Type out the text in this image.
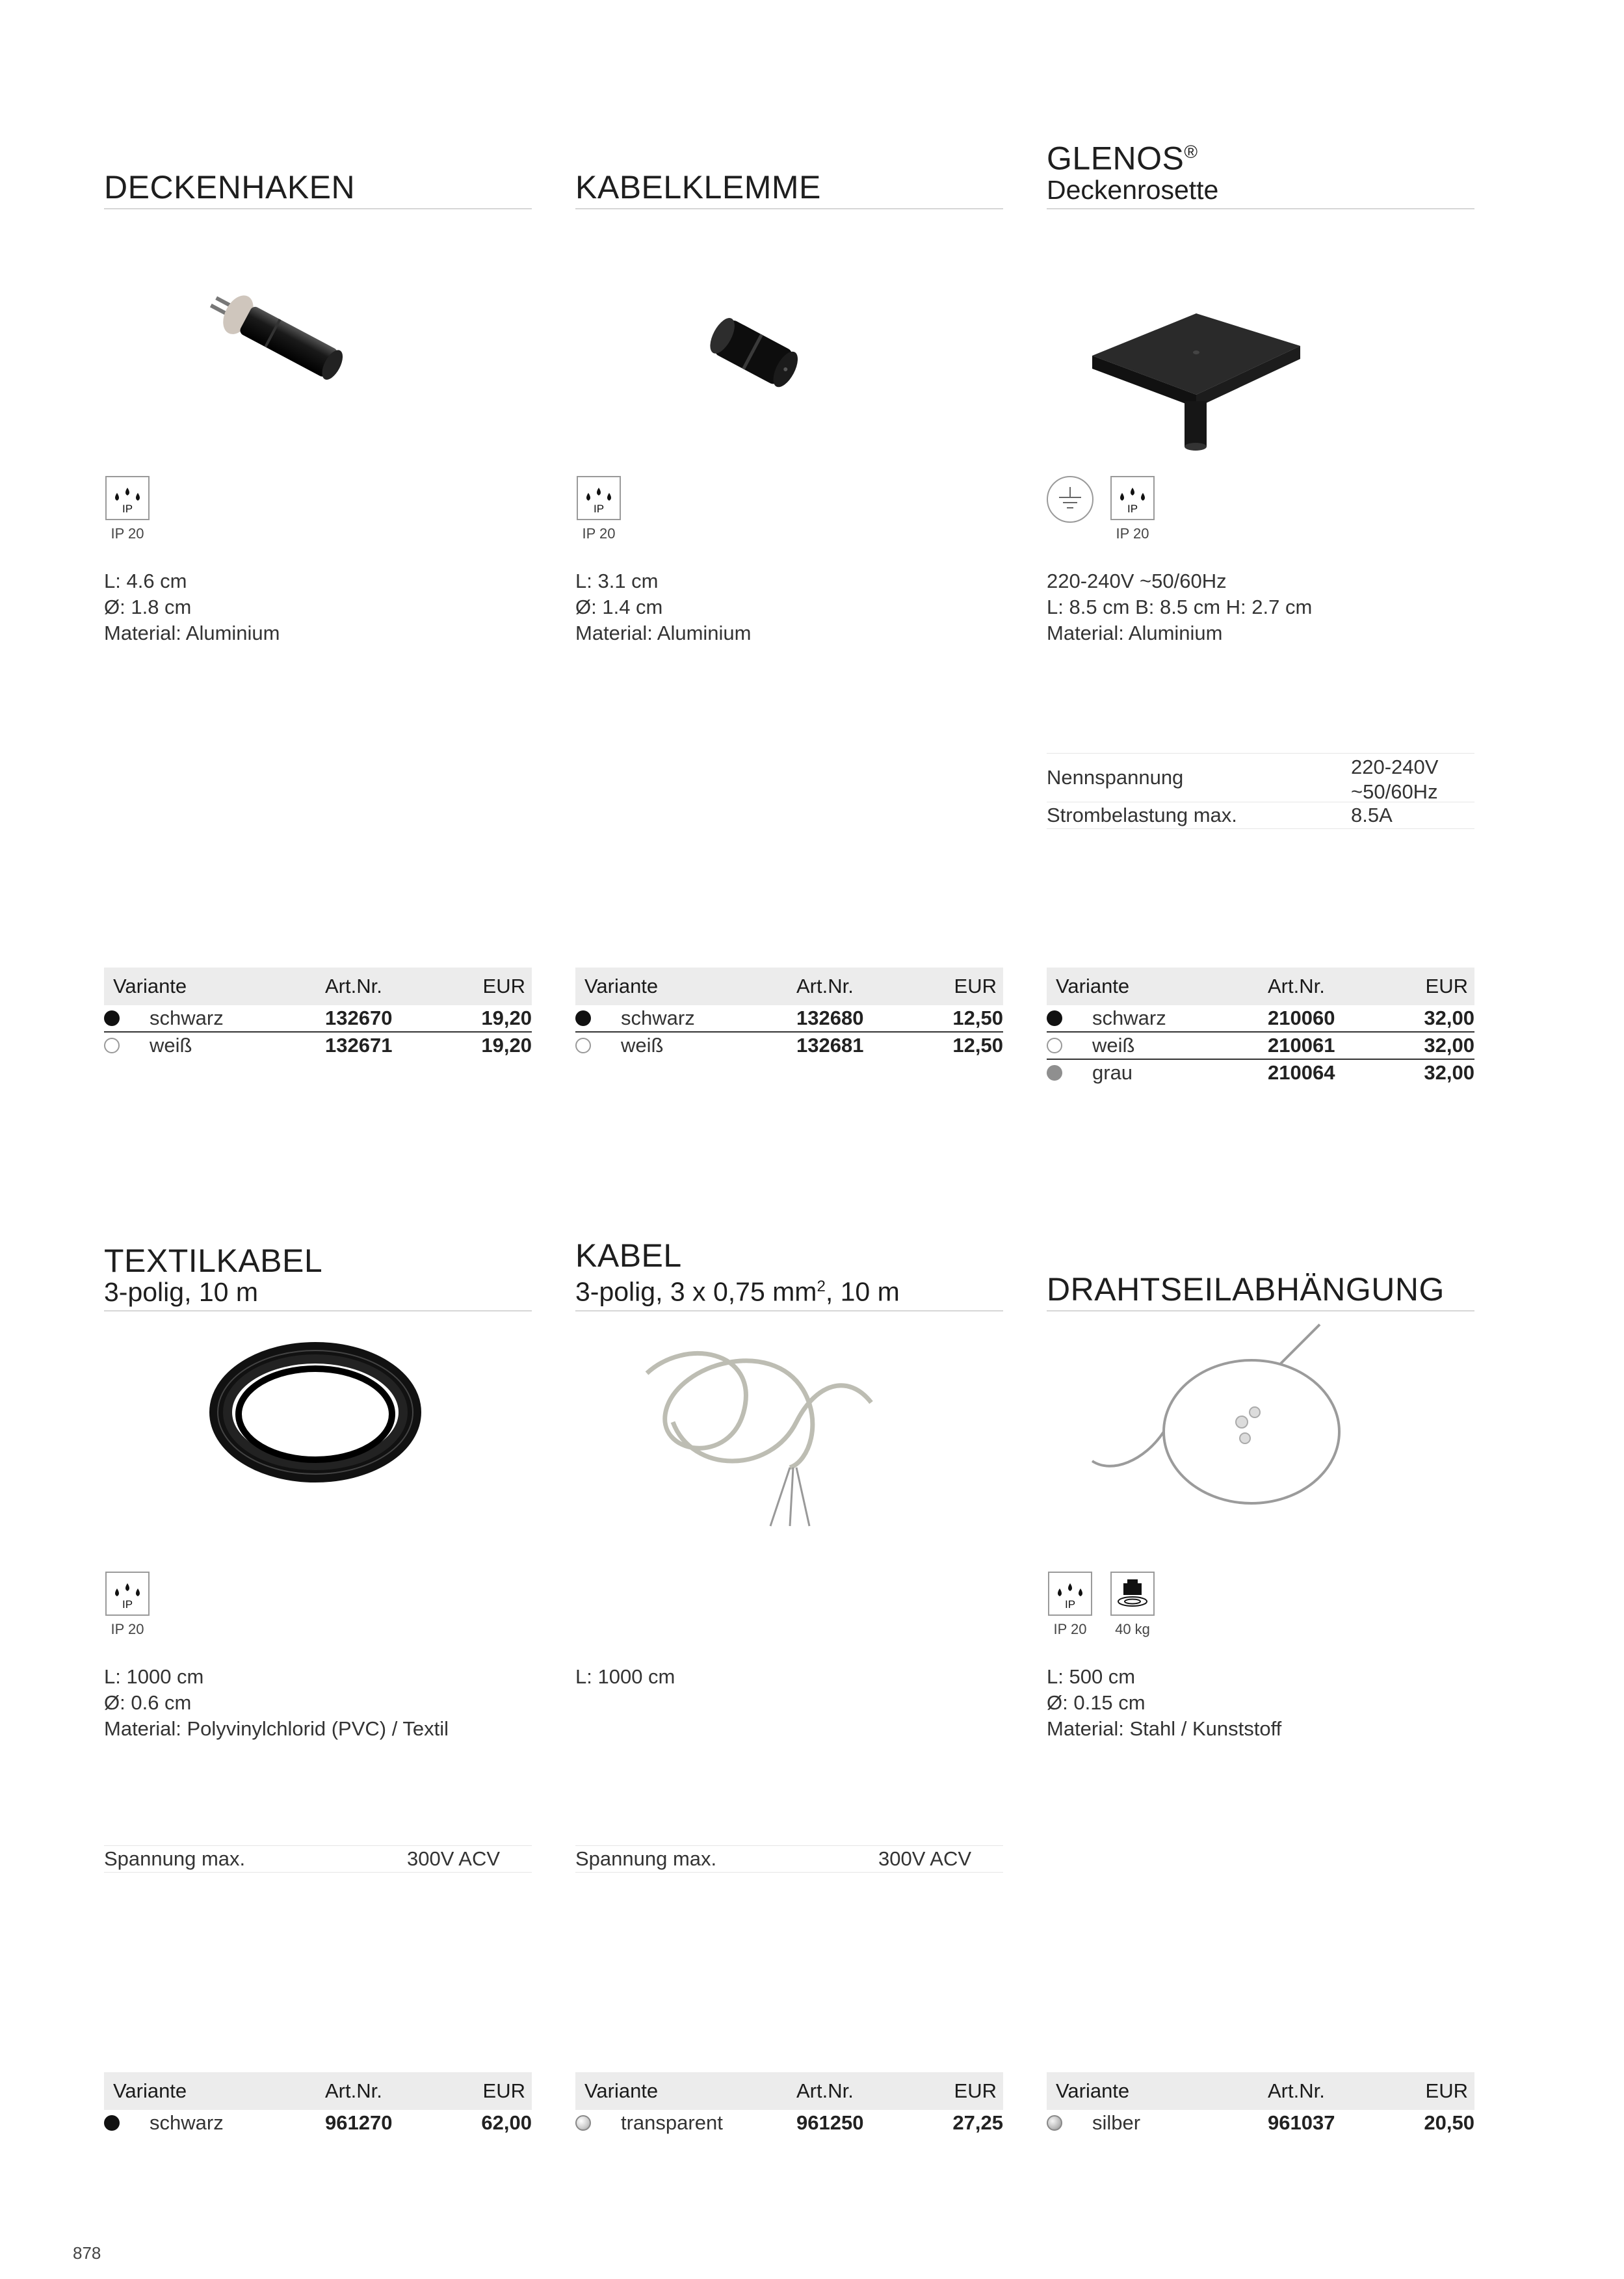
DECKENHAKEN
IP
IP 20
L: 4.6 cm
Ø: 1.8 cm
Material: Aluminium
Variante	Art.Nr.	EUR
schwarz	132670	19,20
weiß	132671	19,20
KABELKLEMME
IP
IP 20
L: 3.1 cm
Ø: 1.4 cm
Material: Aluminium
Variante	Art.Nr.	EUR
schwarz	132680	12,50
weiß	132681	12,50
GLENOS®
Deckenrosette
IP
IP 20
220-240V ~50/60Hz
L: 8.5 cm B: 8.5 cm H: 2.7 cm
Material: Aluminium
Nennspannung	220-240V
~50/60Hz
Strombelastung max.	8.5A
Variante	Art.Nr.	EUR
schwarz	210060	32,00
weiß	210061	32,00
grau	210064	32,00
TEXTILKABEL
3-polig, 10 m
IP
IP 20
L: 1000 cm
Ø: 0.6 cm
Material: Polyvinylchlorid (PVC) / Textil
Spannung max.	300V ACV
Variante	Art.Nr.	EUR
schwarz	961270	62,00
KABEL
3-polig, 3 x 0,75 $mm^2$, 10 m
L: 1000 cm
Spannung max.	300V ACV
Variante	Art.Nr.	EUR
transparent	961250	27,25
DRAHTSEILABHÄNGUNG
IP
IP 20 40 kg
L: 500 cm
Ø: 0.15 cm
Material: Stahl / Kunststoff
Variante	Art.Nr.	EUR
silber	961037	20,50
878
